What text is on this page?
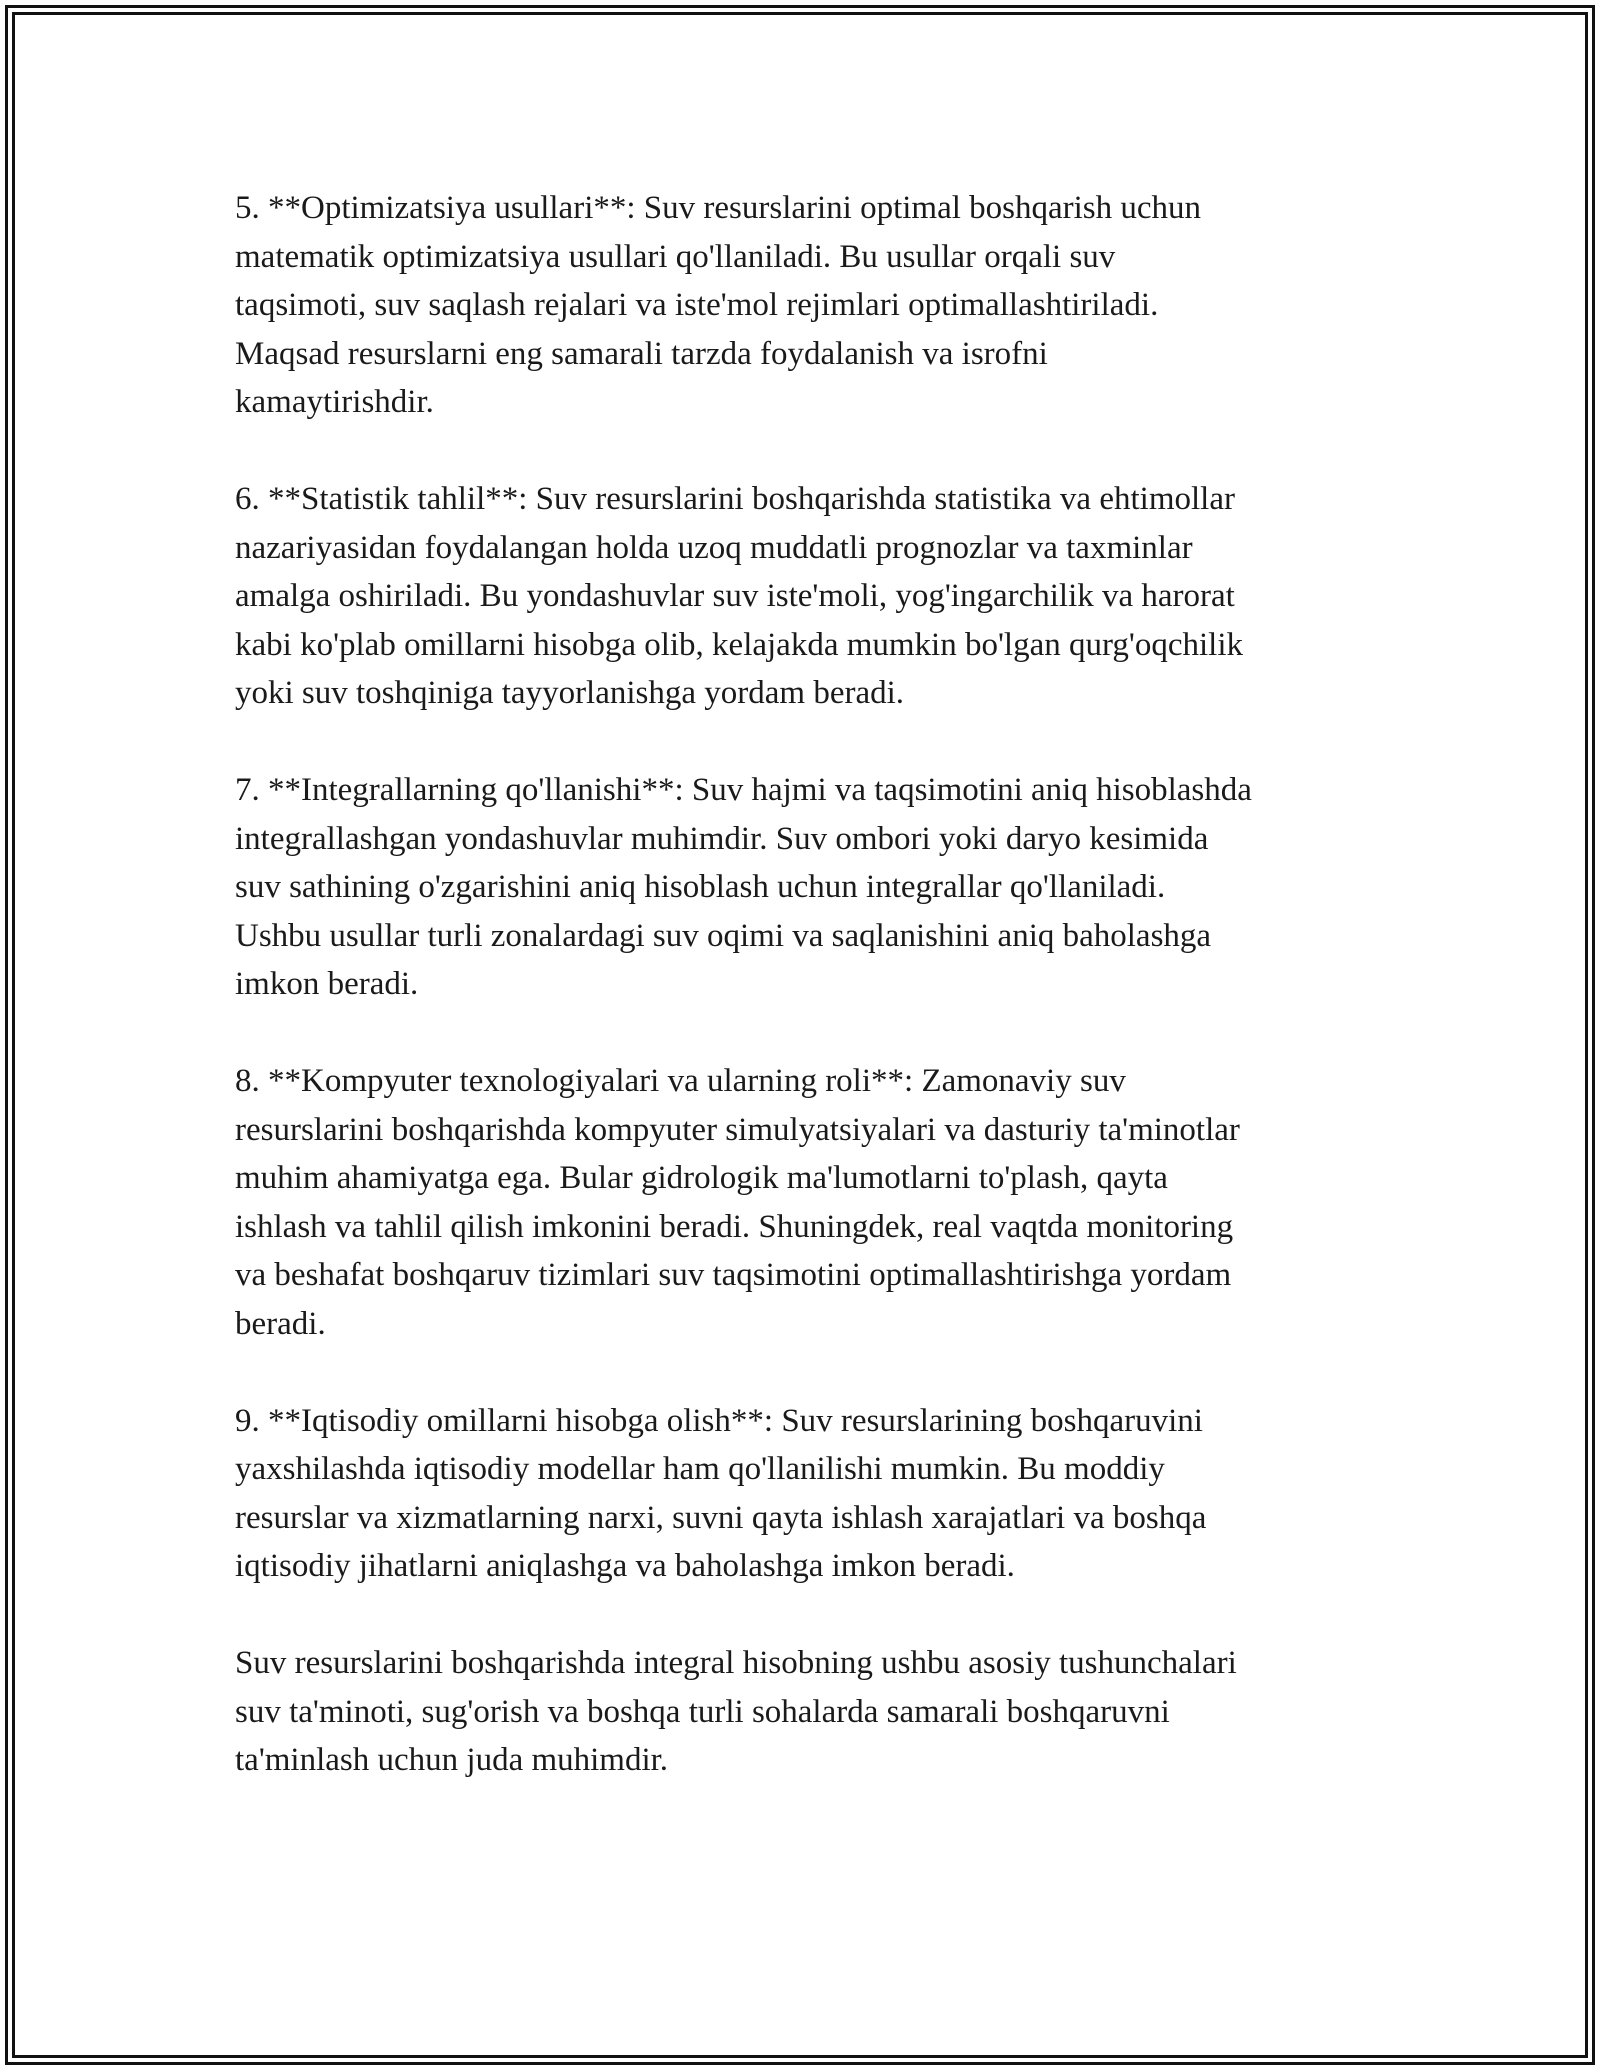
5. **Optimizatsiya usullari**: Suv resurslarini optimal boshqarish uchun
matematik optimizatsiya usullari qo'llaniladi. Bu usullar orqali suv
taqsimoti, suv saqlash rejalari va iste'mol rejimlari optimallashtiriladi.
Maqsad resurslarni eng samarali tarzda foydalanish va isrofni
kamaytirishdir.
6. **Statistik tahlil**: Suv resurslarini boshqarishda statistika va ehtimollar
nazariyasidan foydalangan holda uzoq muddatli prognozlar va taxminlar
amalga oshiriladi. Bu yondashuvlar suv iste'moli, yog'ingarchilik va harorat
kabi ko'plab omillarni hisobga olib, kelajakda mumkin bo'lgan qurg'oqchilik
yoki suv toshqiniga tayyorlanishga yordam beradi.
7. **Integrallarning qo'llanishi**: Suv hajmi va taqsimotini aniq hisoblashda
integrallashgan yondashuvlar muhimdir. Suv ombori yoki daryo kesimida
suv sathining o'zgarishini aniq hisoblash uchun integrallar qo'llaniladi.
Ushbu usullar turli zonalardagi suv oqimi va saqlanishini aniq baholashga
imkon beradi.
8. **Kompyuter texnologiyalari va ularning roli**: Zamonaviy suv
resurslarini boshqarishda kompyuter simulyatsiyalari va dasturiy ta'minotlar
muhim ahamiyatga ega. Bular gidrologik ma'lumotlarni to'plash, qayta
ishlash va tahlil qilish imkonini beradi. Shuningdek, real vaqtda monitoring
va beshafat boshqaruv tizimlari suv taqsimotini optimallashtirishga yordam
beradi.
9. **Iqtisodiy omillarni hisobga olish**: Suv resurslarining boshqaruvini
yaxshilashda iqtisodiy modellar ham qo'llanilishi mumkin. Bu moddiy
resurslar va xizmatlarning narxi, suvni qayta ishlash xarajatlari va boshqa
iqtisodiy jihatlarni aniqlashga va baholashga imkon beradi.
Suv resurslarini boshqarishda integral hisobning ushbu asosiy tushunchalari
suv ta'minoti, sug'orish va boshqa turli sohalarda samarali boshqaruvni
ta'minlash uchun juda muhimdir.
